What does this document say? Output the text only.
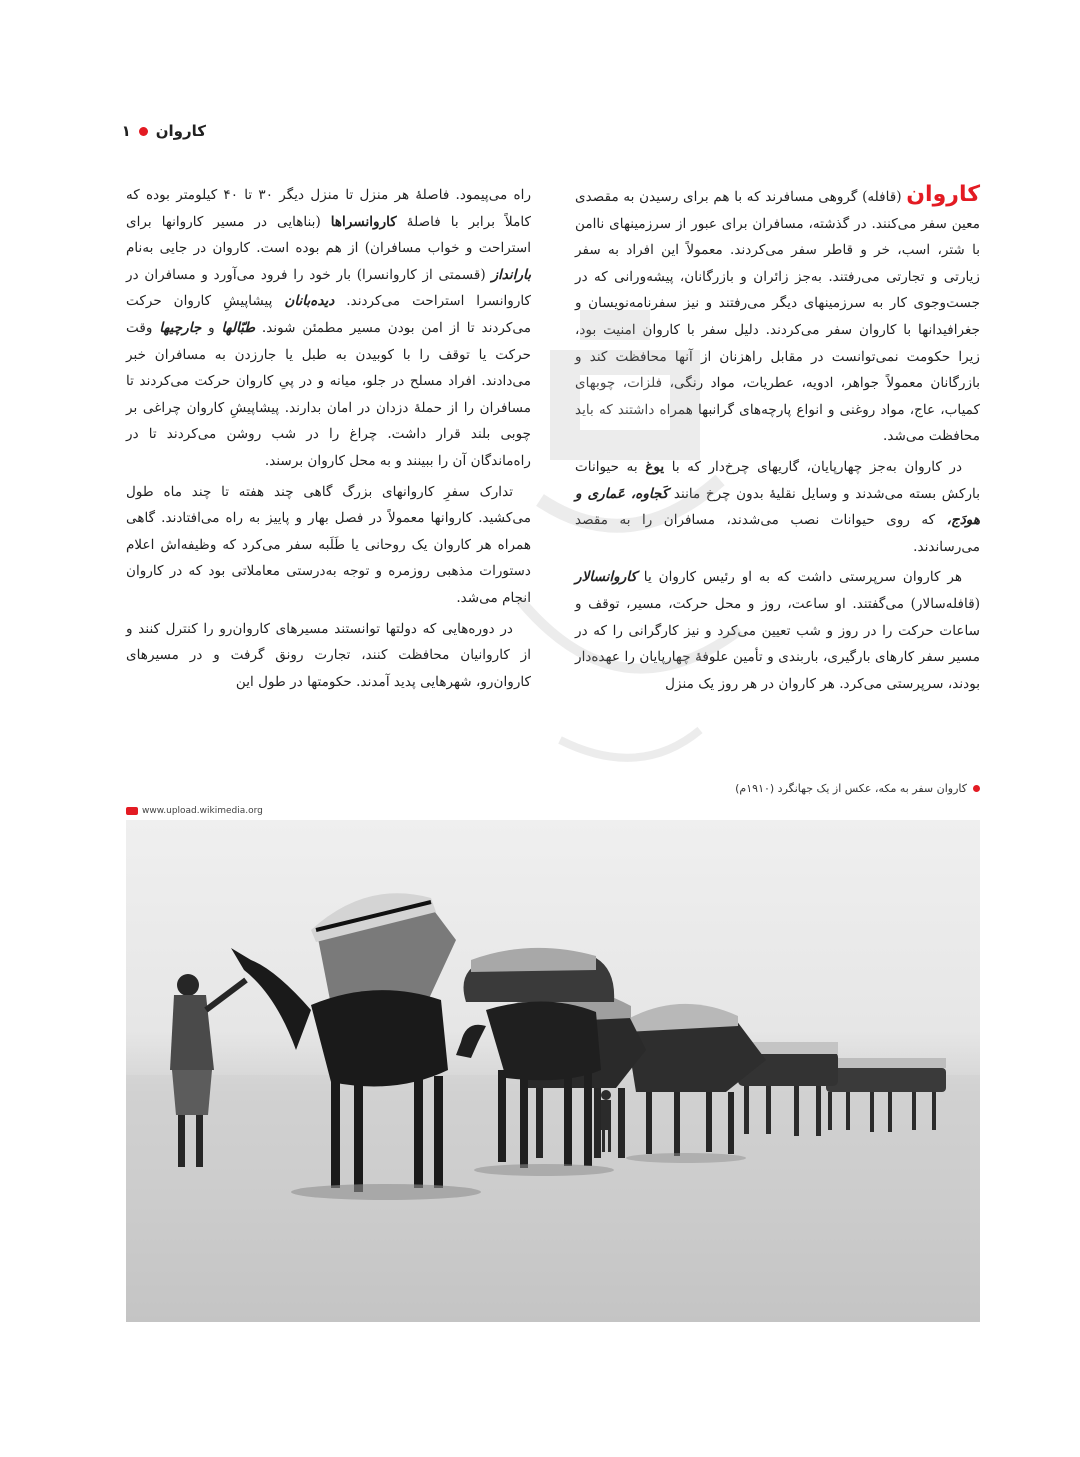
کاروان
۱

کاروان (قافله) گروهی مسافرند که با هم برای رسیدن به مقصدی معین سفر می‌کنند. در گذشته، مسافران برای عبور از سرزمینهای ناامن با شتر، اسب، خر و قاطر سفر می‌کردند. معمولاً این افراد به سفر زیارتی و تجارتی می‌رفتند. به‌جز زائران و بازرگانان، پیشه‌ورانی که در جست‌وجوی کار به سرزمینهای دیگر می‌رفتند و نیز سفرنامه‌نویسان و جغرافیدانها با کاروان سفر می‌کردند. دلیل سفر با کاروان امنیت بود، زیرا حکومت نمی‌توانست در مقابل راهزنان از آنها محافظت کند و بازرگانان معمولاً جواهر، ادویه، عطریات، مواد رنگی، فلزات، چوبهای کمیاب، عاج، مواد روغنی و انواع پارچه‌های گرانبها همراه داشتند که باید محافظت می‌شد.

در کاروان به‌جز چهارپایان، گاریهای چرخ‌دار که با یوغ به حیوانات بارکش بسته می‌شدند و وسایل نقلیهٔ بدون چرخ مانند کَجاوه، عَماری و هودَج، که روی حیوانات نصب می‌شدند، مسافران را به مقصد می‌رساندند.

هر کاروان سرپرستی داشت که به او رئیس کاروان یا کاروانسالار (قافله‌سالار) می‌گفتند. او ساعت، روز و محل حرکت، مسیر، توقف و ساعات حرکت را در روز و شب تعیین می‌کرد و نیز کارگرانی را که در مسیر سفر کارهای بارگیری، باربندی و تأمین علوفهٔ چهارپایان را عهده‌دار بودند، سرپرستی می‌کرد. هر کاروان در هر روز یک منزل

راه می‌پیمود. فاصلهٔ هر منزل تا منزل دیگر ۳۰ تا ۴۰ کیلومتر بوده که کاملاً برابر با فاصلهٔ کاروانسراها (بناهایی در مسیر کاروانها برای استراحت و خواب مسافران) از هم بوده است. کاروان در جایی به‌نام بار‌انداز (قسمتی از کاروانسرا) بار خود را فرود می‌آورد و مسافران در کاروانسرا استراحت می‌کردند. دیده‌بانان پیشاپیشِ کاروان حرکت می‌کردند تا از امن بودن مسیر مطمئن شوند. طبّالها و جارچیها وقت حرکت یا توقف را با کوبیدن به طبل یا جارزدن به مسافران خبر می‌دادند. افراد مسلح در جلو، میانه و در پیِ کاروان حرکت می‌کردند تا مسافران را از حملهٔ دزدان در امان بدارند. پیشاپیشِ کاروان چراغی بر چوبی بلند قرار داشت. چراغ را در شب روشن می‌کردند تا در راه‌ماندگان آن را ببینند و به محل کاروان برسند.

تدارک سفرِ کاروانهای بزرگ گاهی چند هفته تا چند ماه طول می‌کشید. کاروانها معمولاً در فصل بهار و پاییز به راه می‌افتادند. گاهی همراه هر کاروان یک روحانی یا طَلَبه سفر می‌کرد که وظیفه‌اش اعلام دستورات مذهبی روزمره و توجه به‌درستی معاملاتی بود که در کاروان انجام می‌شد.

در دوره‌هایی که دولتها توانستند مسیرهای کاروان‌رو را کنترل کنند و از کاروانیان محافظت کنند، تجارت رونق گرفت و در مسیرهای کاروان‌رو، شهرهایی پدید آمدند. حکومتها در طول این

کاروان سفر به مکه، عکس از یک جهانگرد (۱۹۱۰م)
www.upload.wikimedia.org
